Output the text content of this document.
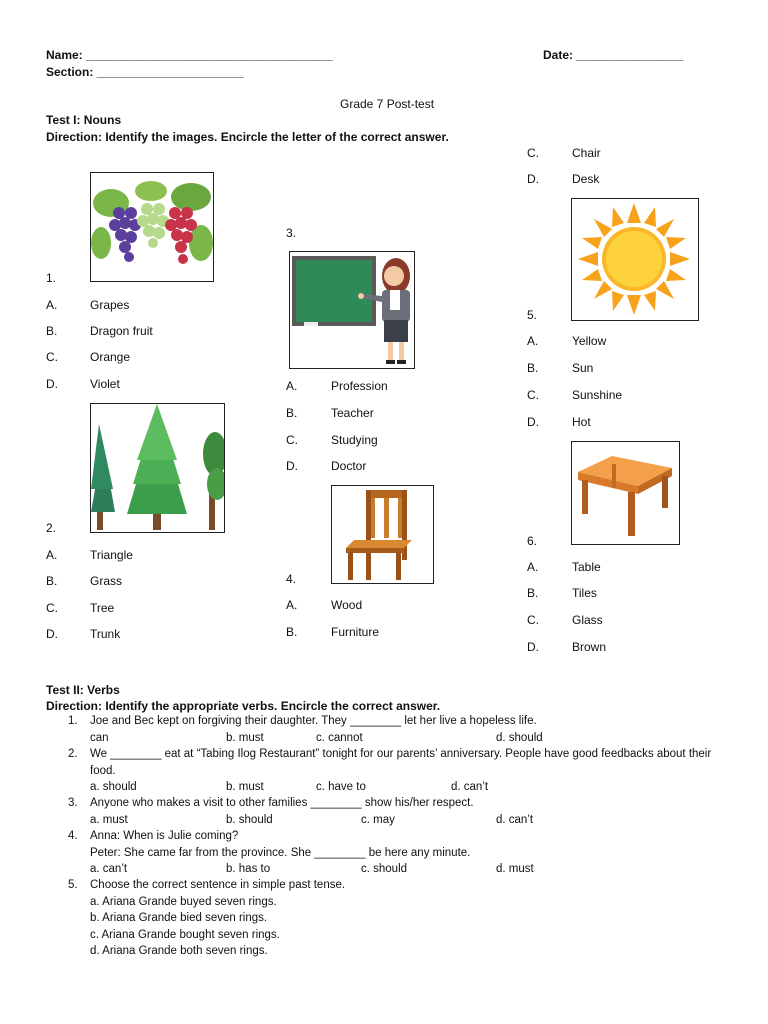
Name: _____________________________________
Section: ______________________
Date: ________________
Grade 7 Post-test
Test I: Nouns
Direction: Identify the images. Encircle the letter of the correct answer.
1.
A.	Grapes
B.	Dragon fruit
C.	Orange
D.	Violet
2.
A.	Triangle
B.	Grass
C.	Tree
D.	Trunk
3.
A.	Profession
B.	Teacher
C.	Studying
D.	Doctor
4.
A.	Wood
B.	Furniture
C.	Chair
D.	Desk
5.
A.	Yellow
B.	Sun
C.	Sunshine
D.	Hot
6.
A.	Table
B.	Tiles
C.	Glass
D.	Brown
Test II: Verbs
Direction: Identify the appropriate verbs. Encircle the correct answer.
1. Joe and Bec kept on forgiving their daughter. They ________ let her live a hopeless life.
can	b. must	c. cannot	d. should
2. We ________ eat at “Tabing Ilog Restaurant” tonight for our parents’ anniversary. People have good feedbacks about their
food.
a. should	b. must	c. have to	d. can’t
3. Anyone who makes a visit to other families ________ show his/her respect.
a. must	b. should	c. may	d. can’t
4. Anna: When is Julie coming?
Peter: She came far from the province. She ________ be here any minute.
a. can’t	b. has to	c. should	d. must
5. Choose the correct sentence in simple past tense.
a. Ariana Grande buyed seven rings.
b. Ariana Grande bied seven rings.
c. Ariana Grande bought seven rings.
d. Ariana Grande both seven rings.
